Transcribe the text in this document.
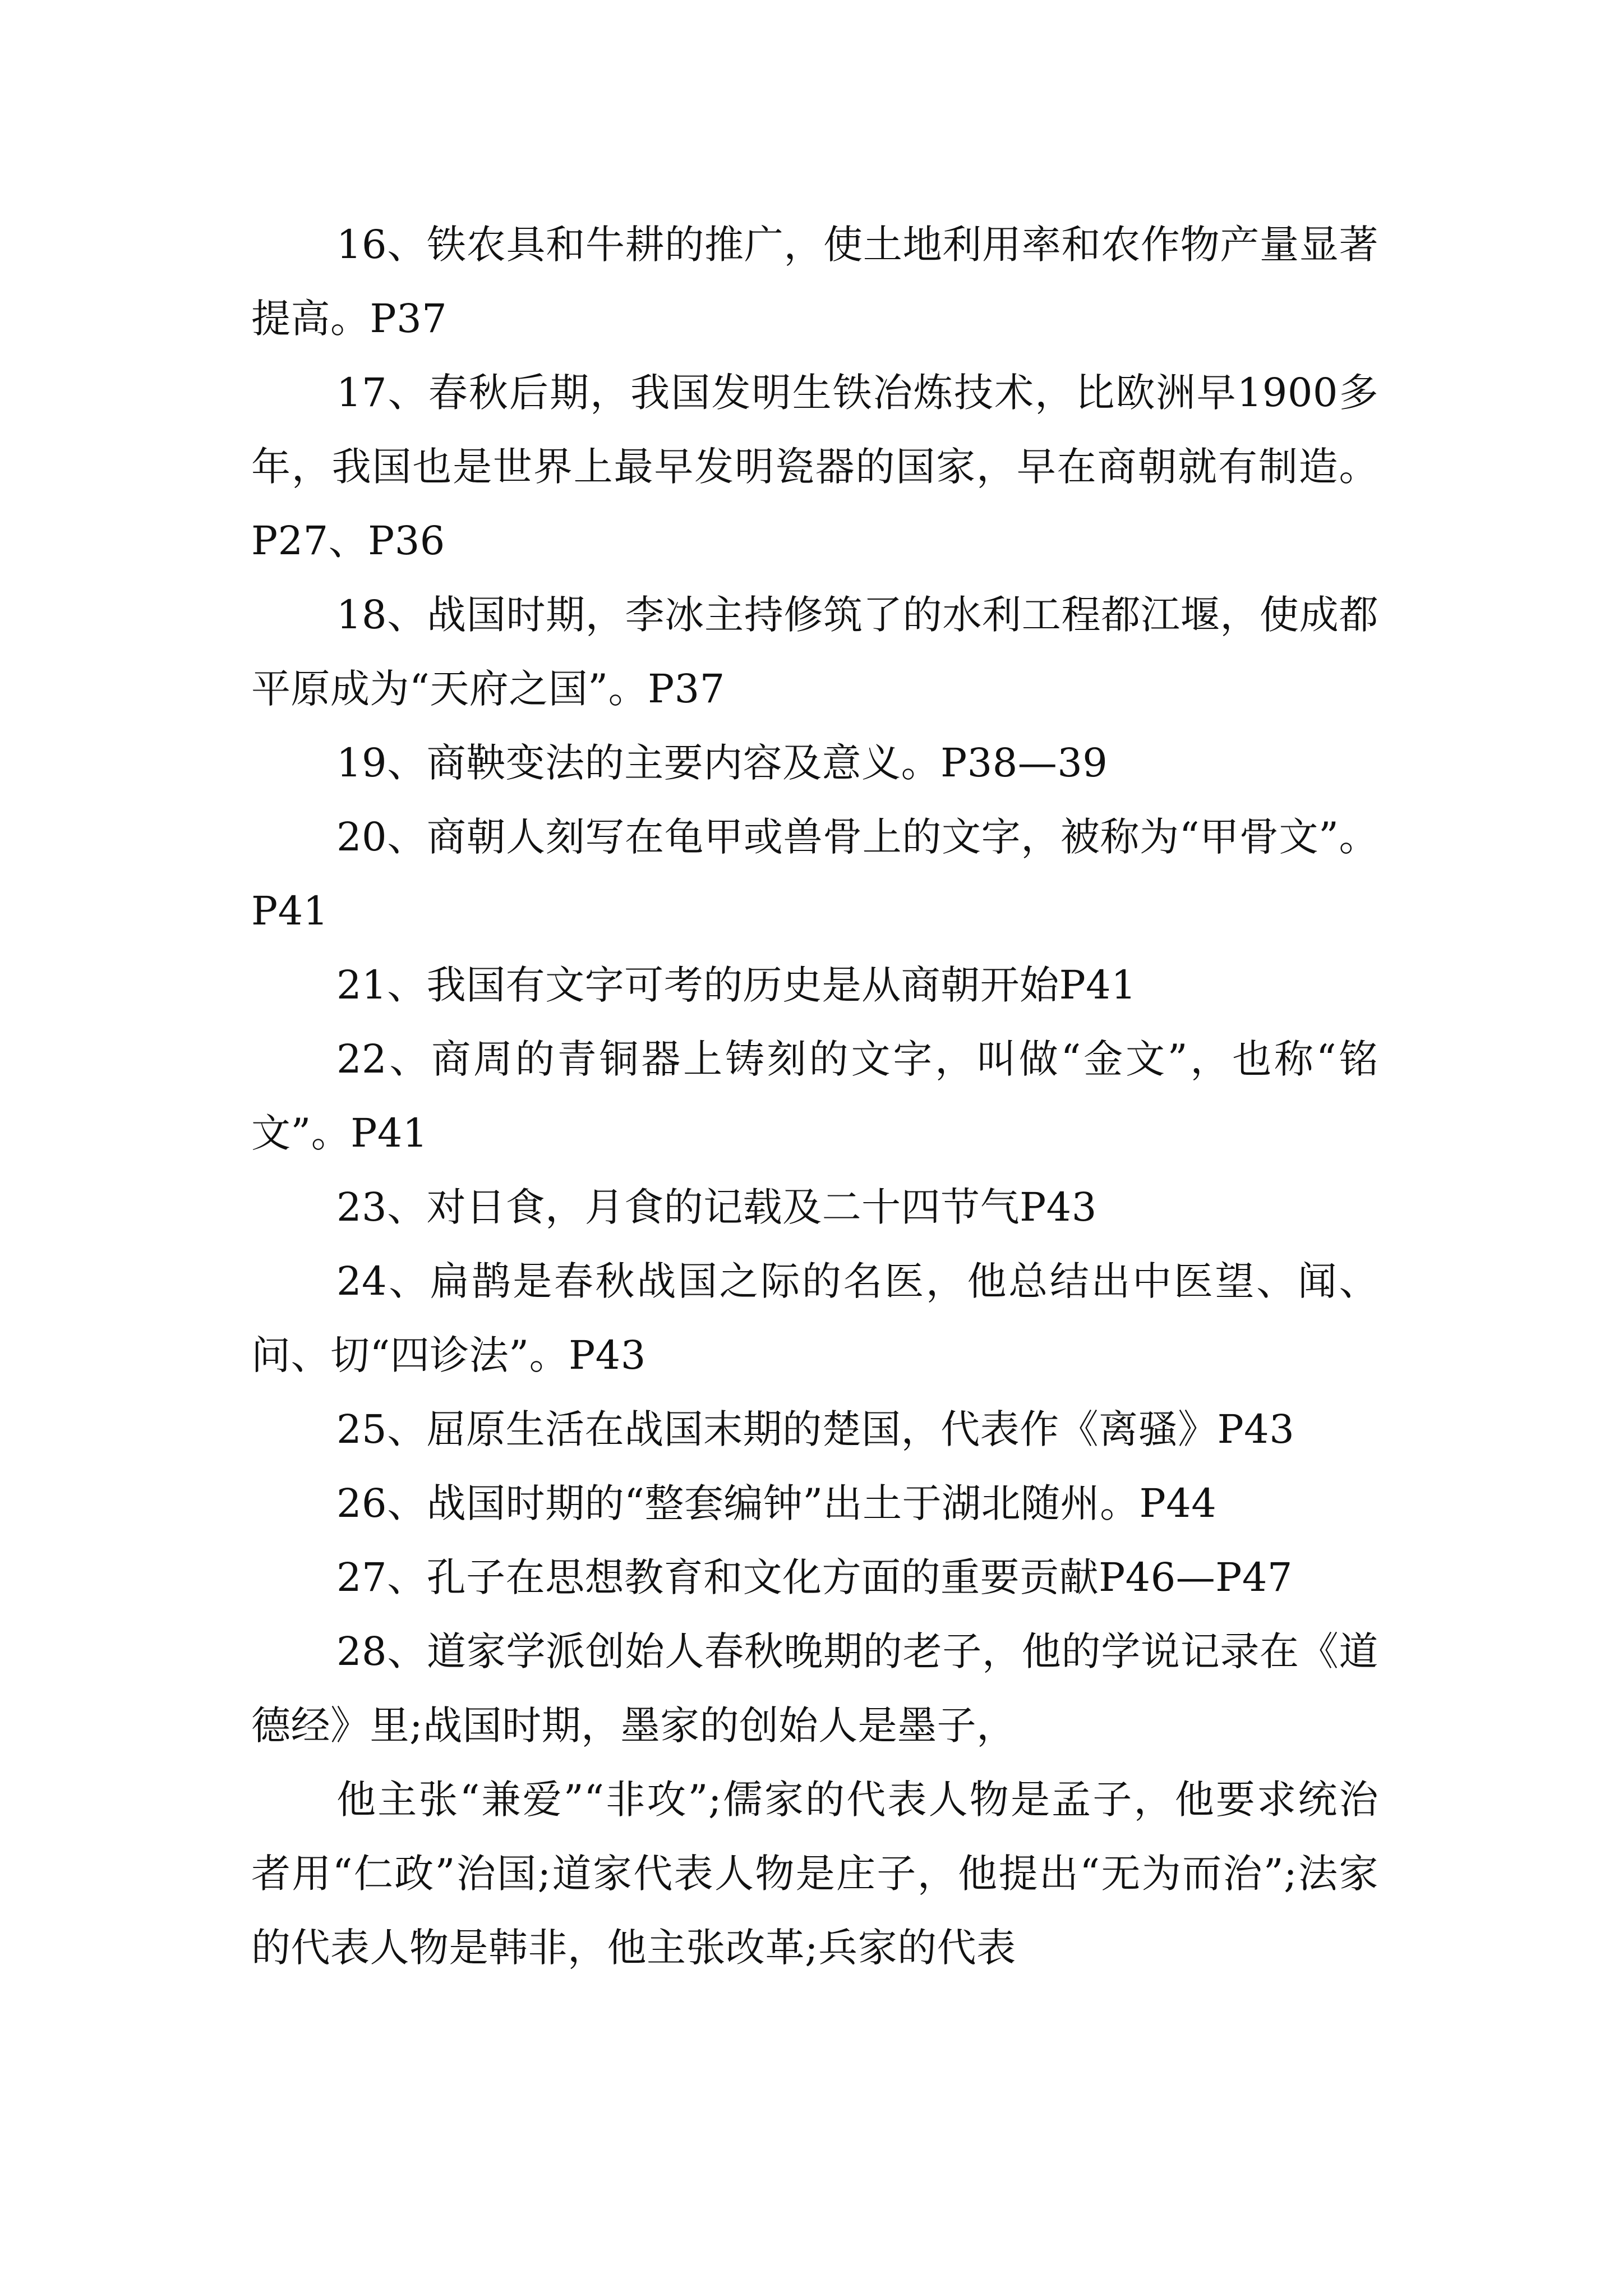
16、铁农具和牛耕的推广，使土地利用率和农作物产量显著提高。P37

17、春秋后期，我国发明生铁冶炼技术，比欧洲早1900多年，我国也是世界上最早发明瓷器的国家，早在商朝就有制造。P27、P36

18、战国时期，李冰主持修筑了的水利工程都江堰，使成都平原成为“天府之国”。P37

19、商鞅变法的主要内容及意义。P38—39

20、商朝人刻写在龟甲或兽骨上的文字，被称为“甲骨文”。P41

21、我国有文字可考的历史是从商朝开始P41

22、商周的青铜器上铸刻的文字，叫做“金文”，也称“铭文”。P41

23、对日食，月食的记载及二十四节气P43

24、扁鹊是春秋战国之际的名医，他总结出中医望、闻、问、切“四诊法”。P43

25、屈原生活在战国末期的楚国，代表作《离骚》P43

26、战国时期的“整套编钟”出土于湖北随州。P44

27、孔子在思想教育和文化方面的重要贡献P46—P47

28、道家学派创始人春秋晚期的老子，他的学说记录在《道德经》里;战国时期，墨家的创始人是墨子，

他主张“兼爱”“非攻”;儒家的代表人物是孟子，他要求统治者用“仁政”治国;道家代表人物是庄子，他提出“无为而治”;法家的代表人物是韩非，他主张改革;兵家的代表
